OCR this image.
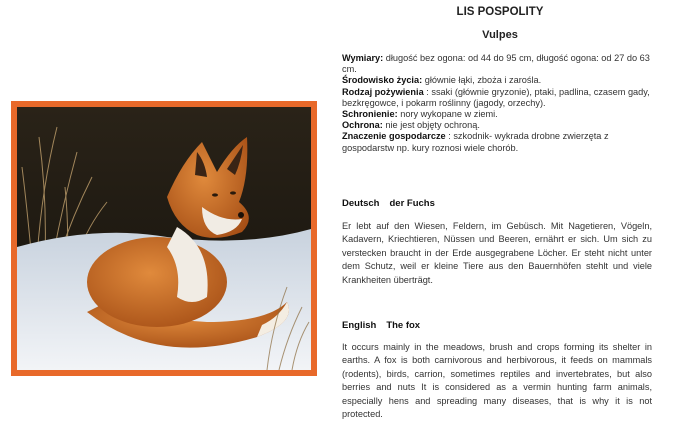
LIS POSPOLITY
Vulpes

Wymiary: długość bez ogona: od 44 do 95 cm, długość ogona: od 27 do 63 cm.

Środowisko życia: głównie łąki, zboża i zarośla.

Rodzaj pożywienia : ssaki (głównie gryzonie), ptaki, padlina, czasem gady, bezkręgowce, i pokarm roślinny (jagody, orzechy).

Schronienie: nory wykopane w ziemi.

Ochrona: nie jest objęty ochroną.

Znaczenie gospodarcze : szkodnik- wykrada drobne zwierzęta z gospodarstw np. kury roznosi wiele chorób.

Deutsch der Fuchs
Er lebt auf den Wiesen, Feldern, im Gebüsch. Mit Nagetieren, Vögeln, Kadavern, Kriechtieren, Nüssen und Beeren, ernährt er sich. Um sich zu verstecken braucht in der Erde ausgegrabene Löcher. Er steht nicht unter dem Schutz, weil er kleine Tiere aus den Bauernhöfen stehlt und viele Krankheiten überträgt.
English The fox
It occurs mainly in the meadows, brush and crops forming its shelter in earths. A fox is both carnivorous and herbivorous, it feeds on mammals (rodents), birds, carrion, sometimes reptiles and invertebrates, but also berries and nuts It is considered as a vermin hunting farm animals, especially hens and spreading many diseases, that is why it is not protected.
